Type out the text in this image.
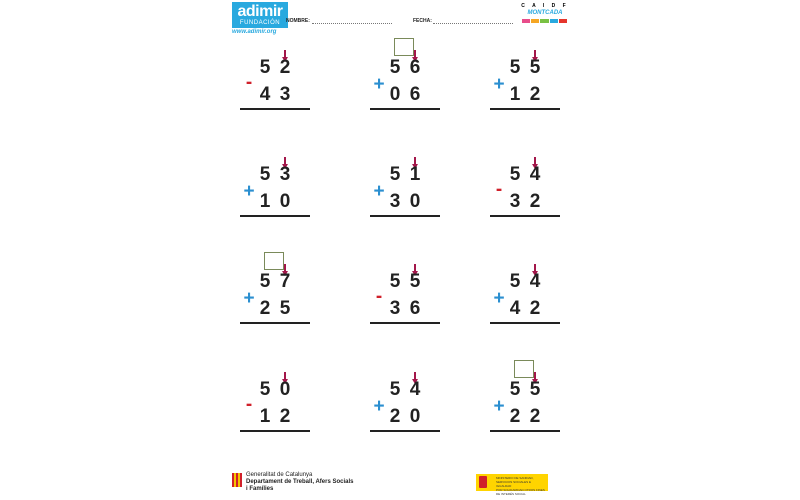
adimir
FUNDACIÓN
www.adimir.org
NOMBRE:	FECHA:
C A I D F
MONTCADA
5 2
-
4 3
5 6
+ 0 6
5 5
+ 1 2
5 3
+ 1 0
5 1
+ 3 0
5 4
-
3 2
5 7
+ 2 5
5 5
-
3 6
5 4
+ 4 2
5 0
-
1 2
5 4
+ 2 0
5 5
+ 2 2
Generalitat de Catalunya
Departament de Treball, Afers Socials
i Famílies
MINISTERIO DE SANIDAD, SERVICIOS SOCIALES E IGUALDAD
POR SOLIDARIDAD OTROS FINES DE INTERÉS SOCIAL
